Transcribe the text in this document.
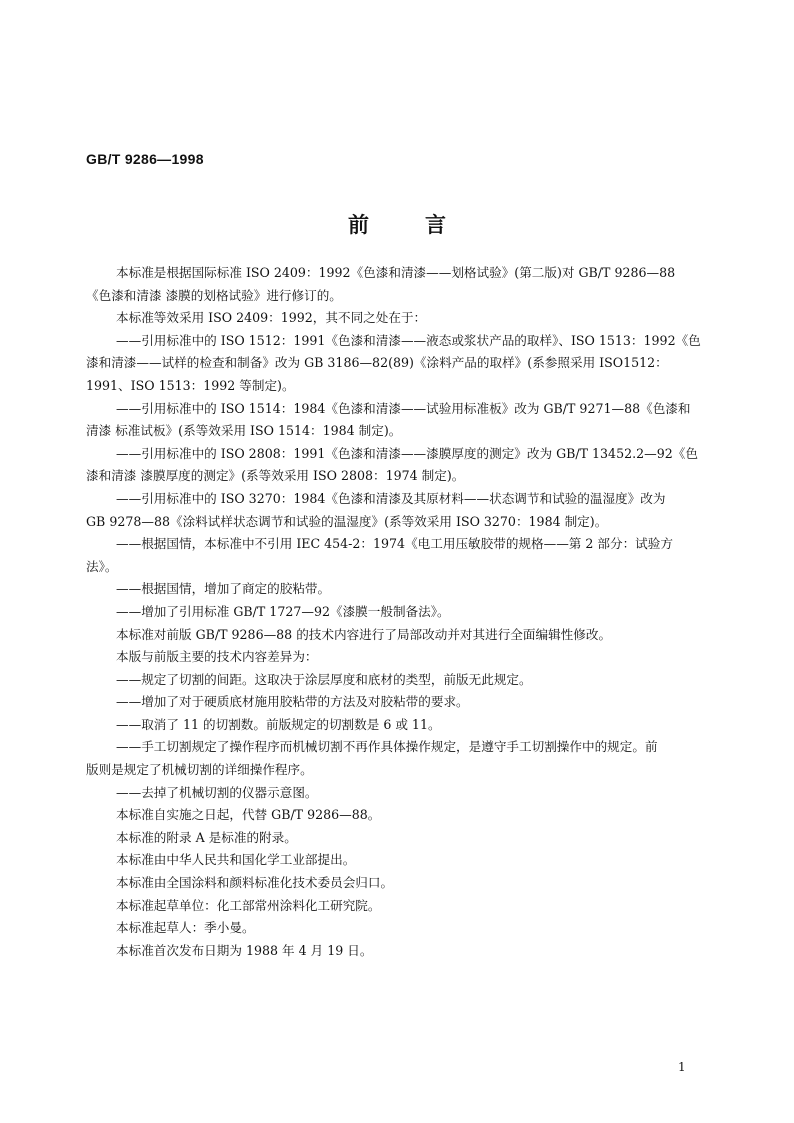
GB/T 9286—1998
前言

本标准是根据国际标准 ISO 2409：1992《色漆和清漆——划格试验》(第二版)对 GB/T 9286—88

《色漆和清漆 漆膜的划格试验》进行修订的。

本标准等效采用 ISO 2409：1992，其不同之处在于：

——引用标准中的 ISO 1512：1991《色漆和清漆——液态或浆状产品的取样》、ISO 1513：1992《色

漆和清漆——试样的检查和制备》改为 GB 3186—82(89)《涂料产品的取样》(系参照采用 ISO1512：

1991、ISO 1513：1992 等制定)。

——引用标准中的 ISO 1514：1984《色漆和清漆——试验用标准板》改为 GB/T 9271—88《色漆和

清漆 标准试板》(系等效采用 ISO 1514：1984 制定)。

——引用标准中的 ISO 2808：1991《色漆和清漆——漆膜厚度的测定》改为 GB/T 13452.2—92《色

漆和清漆 漆膜厚度的测定》(系等效采用 ISO 2808：1974 制定)。

——引用标准中的 ISO 3270：1984《色漆和清漆及其原材料——状态调节和试验的温湿度》改为

GB 9278—88《涂料试样状态调节和试验的温湿度》(系等效采用 ISO 3270：1984 制定)。

——根据国情，本标准中不引用 IEC 454-2：1974《电工用压敏胶带的规格——第 2 部分：试验方

法》。

——根据国情，增加了商定的胶粘带。

——增加了引用标准 GB/T 1727—92《漆膜一般制备法》。

本标准对前版 GB/T 9286—88 的技术内容进行了局部改动并对其进行全面编辑性修改。

本版与前版主要的技术内容差异为：

——规定了切割的间距。这取决于涂层厚度和底材的类型，前版无此规定。

——增加了对于硬质底材施用胶粘带的方法及对胶粘带的要求。

——取消了 11 的切割数。前版规定的切割数是 6 或 11。

——手工切割规定了操作程序而机械切割不再作具体操作规定，是遵守手工切割操作中的规定。前

版则是规定了机械切割的详细操作程序。

——去掉了机械切割的仪器示意图。

本标准自实施之日起，代替 GB/T 9286—88。

本标准的附录 A 是标准的附录。

本标准由中华人民共和国化学工业部提出。

本标准由全国涂料和颜料标准化技术委员会归口。

本标准起草单位：化工部常州涂料化工研究院。

本标准起草人：季小曼。

本标准首次发布日期为 1988 年 4 月 19 日。

1
